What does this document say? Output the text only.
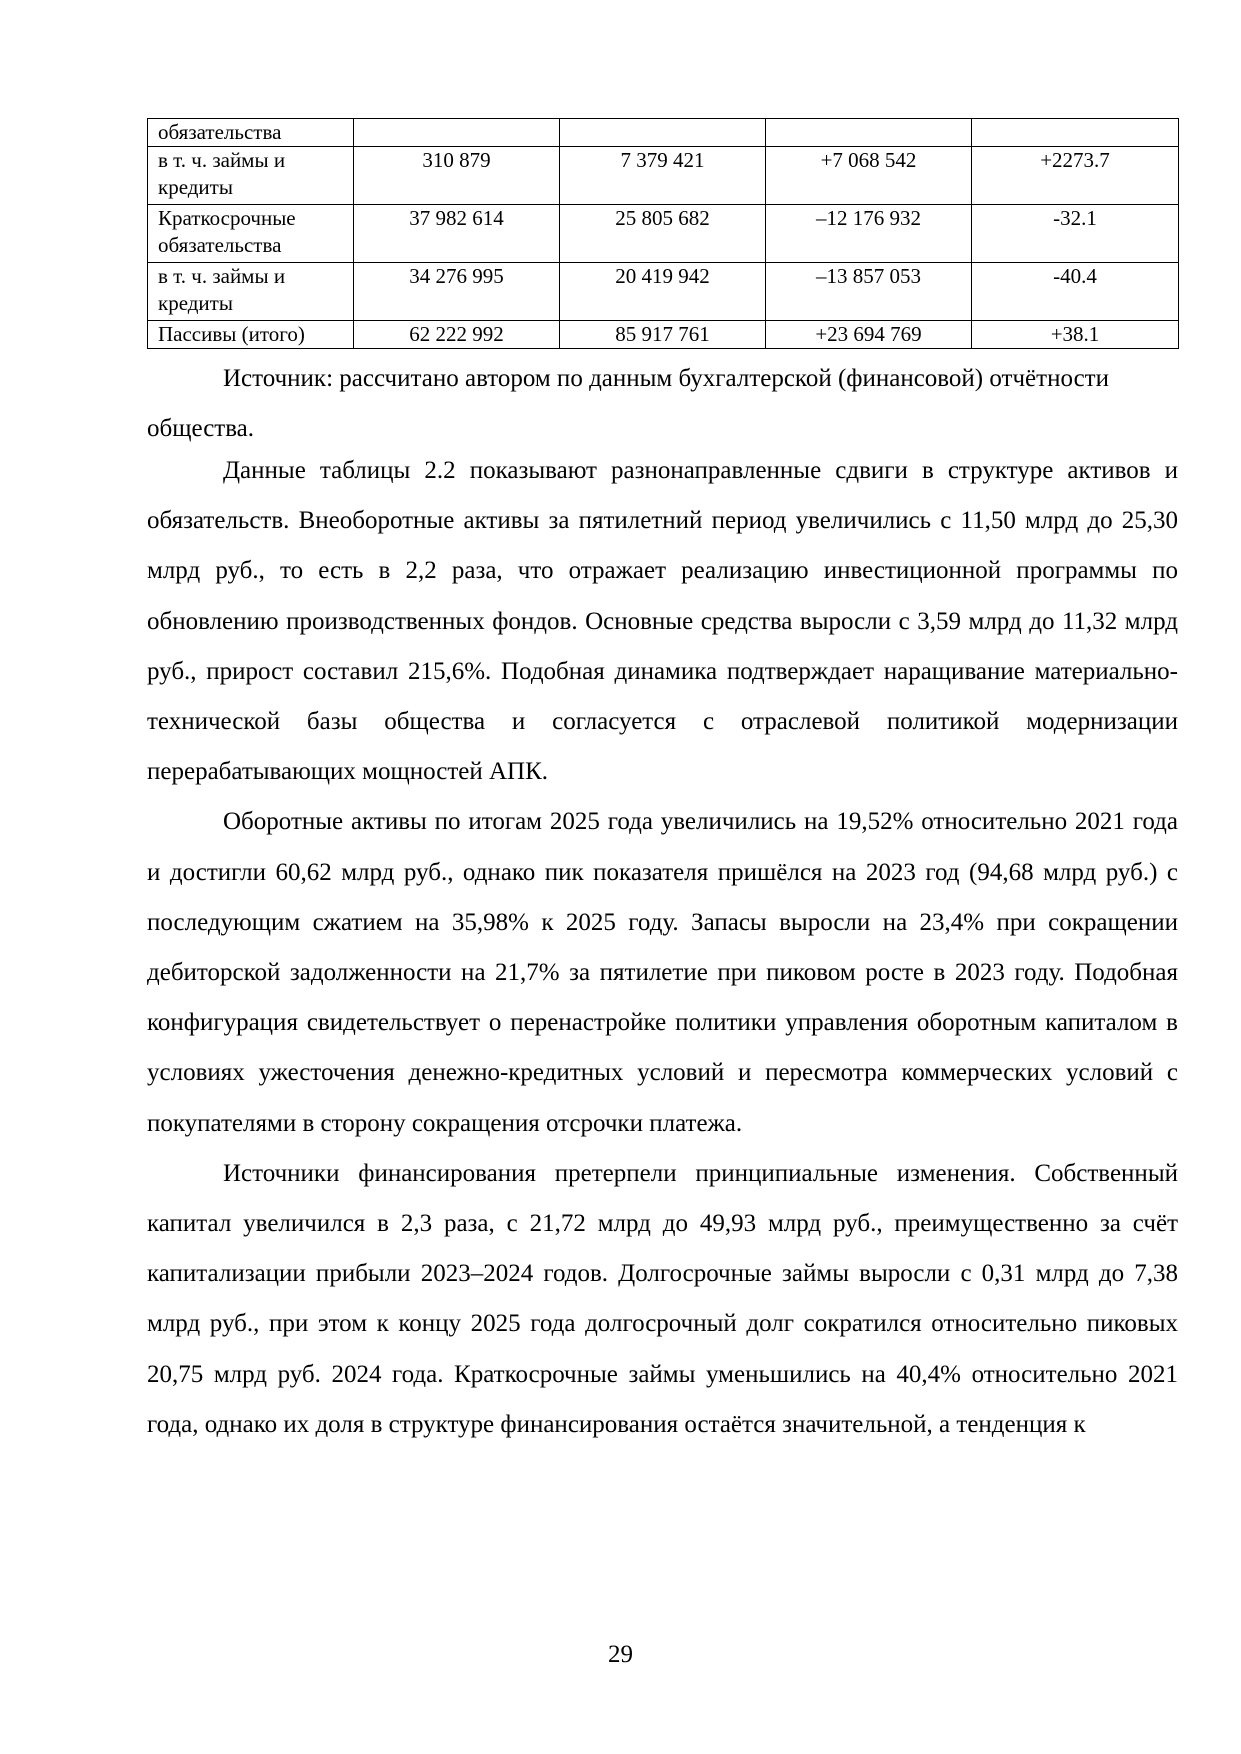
обязательства				
в т. ч. займы и кредиты	310 879	7 379 421	+7 068 542	+2273.7
Краткосрочные обязательства	37 982 614	25 805 682	–12 176 932	-32.1
в т. ч. займы и кредиты	34 276 995	20 419 942	–13 857 053	-40.4
Пассивы (итого)	62 222 992	85 917 761	+23 694 769	+38.1

Источник: рассчитано автором по данным бухгалтерской (финансовой) отчётности общества.

Данные таблицы 2.2 показывают разнонаправленные сдвиги в структуре активов и обязательств. Внеоборотные активы за пятилетний период увеличились с 11,50 млрд до 25,30 млрд руб., то есть в 2,2 раза, что отражает реализацию инвестиционной программы по обновлению производственных фондов. Основные средства выросли с 3,59 млрд до 11,32 млрд руб., прирост составил 215,6%. Подобная динамика подтверждает наращивание материально-технической базы общества и согласуется с отраслевой политикой модернизации перерабатывающих мощностей АПК.

Оборотные активы по итогам 2025 года увеличились на 19,52% относительно 2021 года и достигли 60,62 млрд руб., однако пик показателя пришёлся на 2023 год (94,68 млрд руб.) с последующим сжатием на 35,98% к 2025 году. Запасы выросли на 23,4% при сокращении дебиторской задолженности на 21,7% за пятилетие при пиковом росте в 2023 году. Подобная конфигурация свидетельствует о перенастройке политики управления оборотным капиталом в условиях ужесточения денежно-кредитных условий и пересмотра коммерческих условий с покупателями в сторону сокращения отсрочки платежа.

Источники финансирования претерпели принципиальные изменения. Собственный капитал увеличился в 2,3 раза, с 21,72 млрд до 49,93 млрд руб., преимущественно за счёт капитализации прибыли 2023–2024 годов. Долгосрочные займы выросли с 0,31 млрд до 7,38 млрд руб., при этом к концу 2025 года долгосрочный долг сократился относительно пиковых 20,75 млрд руб. 2024 года. Краткосрочные займы уменьшились на 40,4% относительно 2021 года, однако их доля в структуре финансирования остаётся значительной, а тенденция к

29
